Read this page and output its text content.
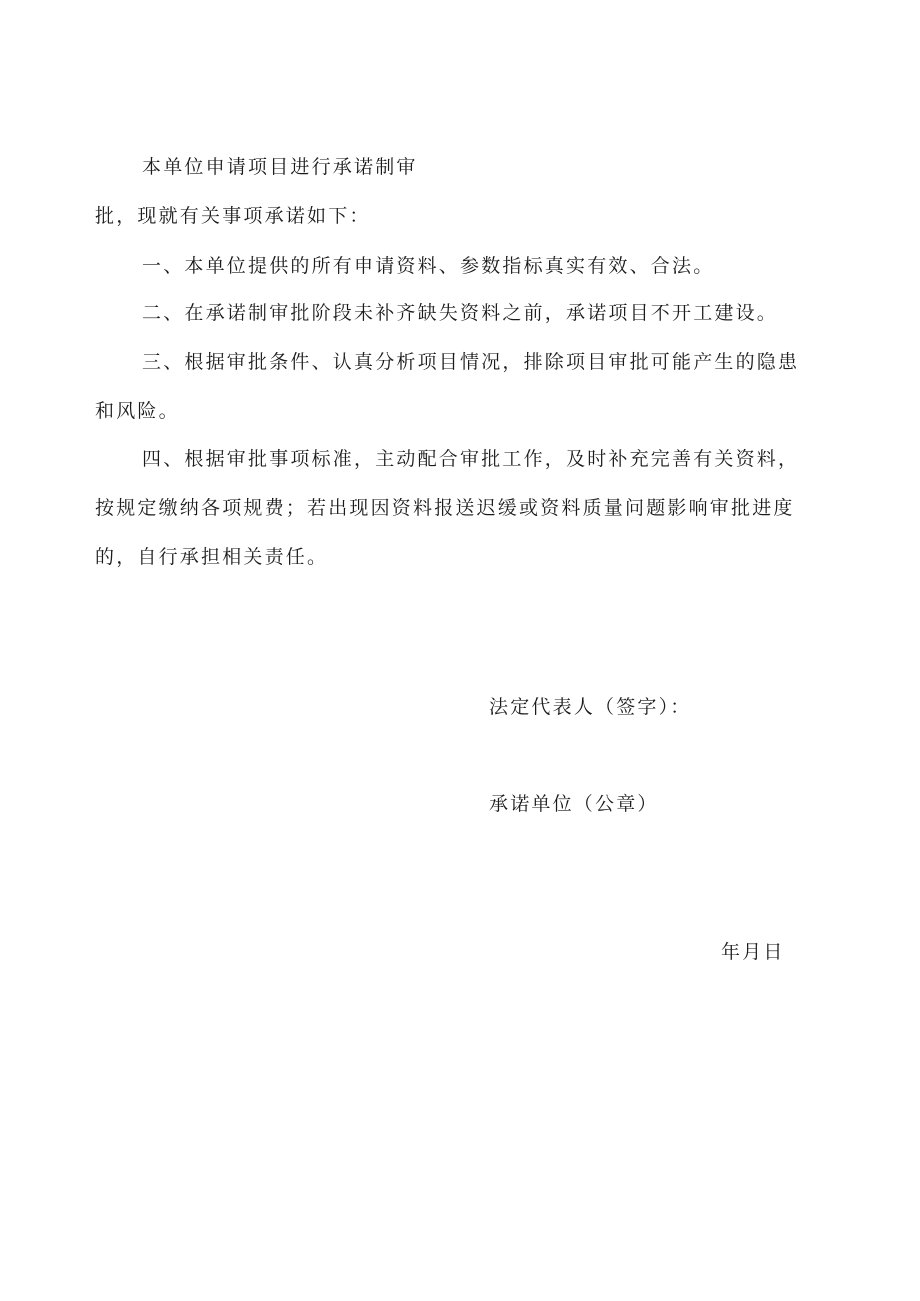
本单位申请项目进行承诺制审
批，现就有关事项承诺如下：
一、本单位提供的所有申请资料、参数指标真实有效、合法。
二、在承诺制审批阶段未补齐缺失资料之前，承诺项目不开工建设。
三、根据审批条件、认真分析项目情况，排除项目审批可能产生的隐患
和风险。
四、根据审批事项标准，主动配合审批工作，及时补充完善有关资料，
按规定缴纳各项规费；若出现因资料报送迟缓或资料质量问题影响审批进度
的，自行承担相关责任。
法定代表人（签字）：
承诺单位（公章）
年月日
